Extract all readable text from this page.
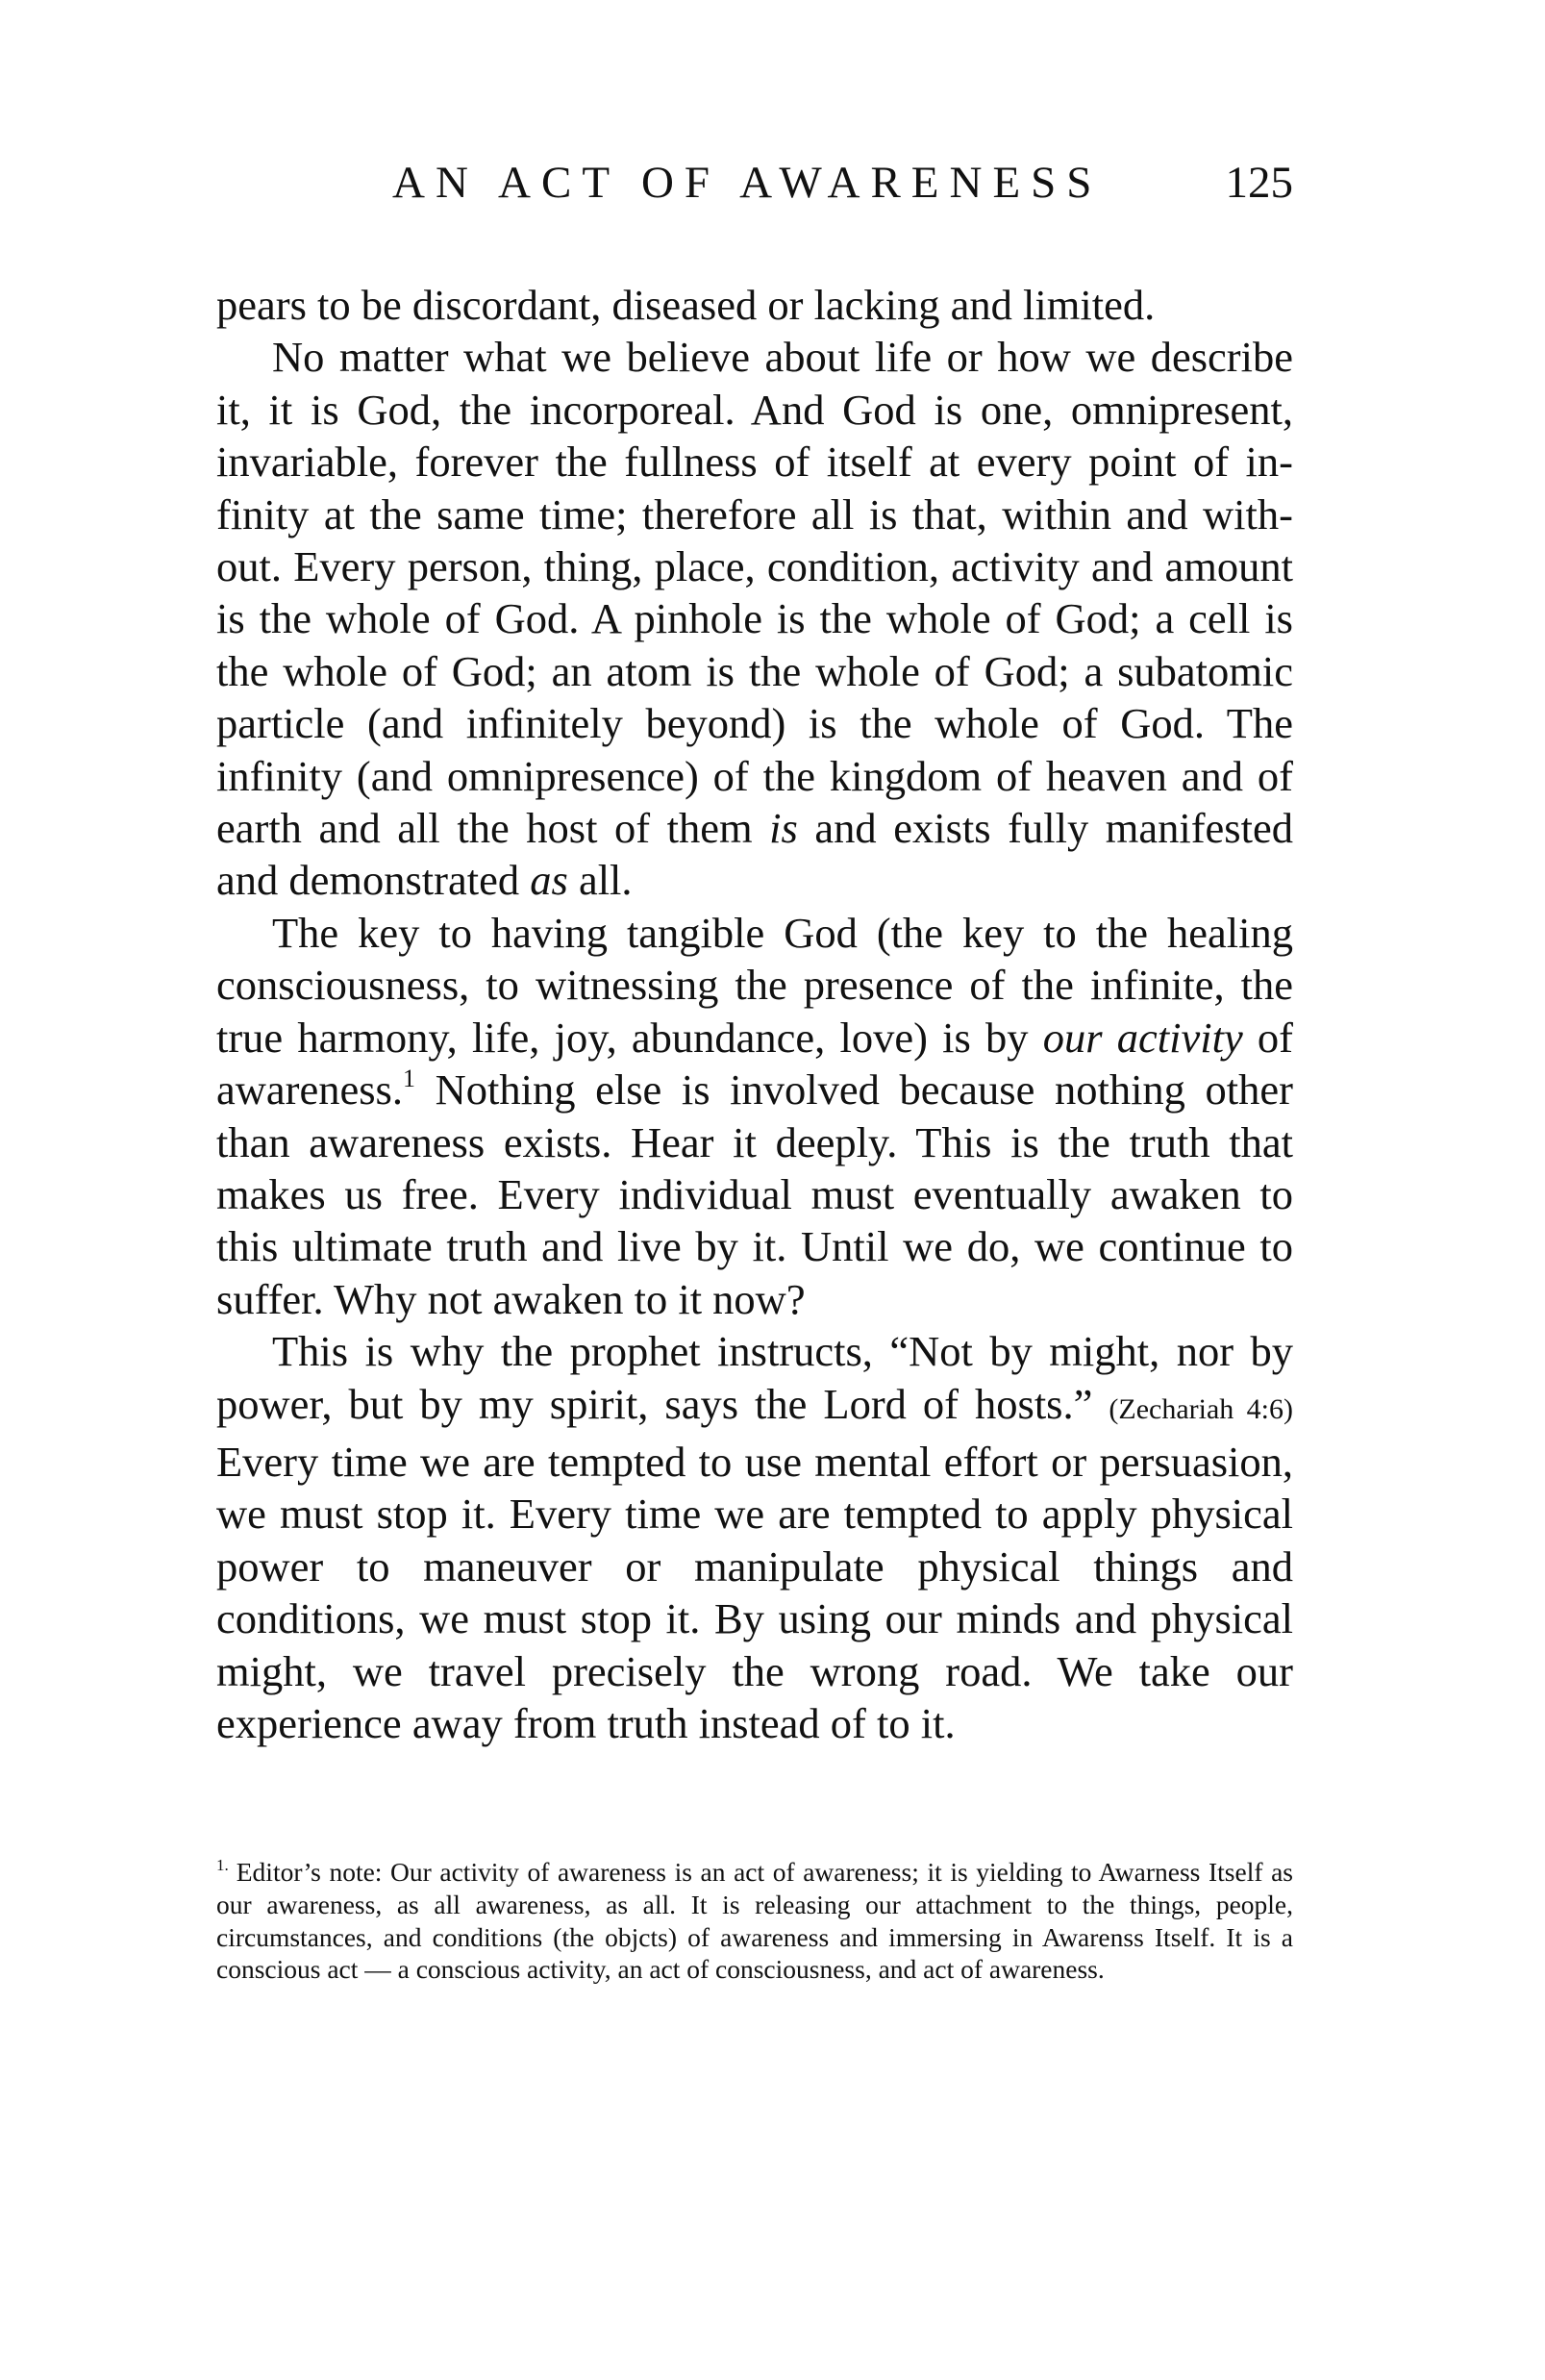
AN ACT OF AWARENESS	125

pears to be discordant, diseased or lacking and limited.

No matter what we believe about life or how we describe it, it is God, the incorporeal. And God is one, omnipresent, invariable, forever the fullness of itself at every point of infinity at the same time; therefore all is that, within and without. Every person, thing, place, condition, activity and amount is the whole of God. A pinhole is the whole of God; a cell is the whole of God; an atom is the whole of God; a subatomic particle (and infinitely beyond) is the whole of God. The infinity (and omnipresence) of the kingdom of heaven and of earth and all the host of them is and exists fully manifested and demonstrated as all.

The key to having tangible God (the key to the healing consciousness, to witnessing the presence of the infinite, the true harmony, life, joy, abundance, love) is by our activity of awareness.$^1$ Nothing else is involved because nothing other than awareness exists. Hear it deeply. This is the truth that makes us free. Every individual must eventually awaken to this ultimate truth and live by it. Until we do, we continue to suffer. Why not awaken to it now?

This is why the prophet instructs, “Not by might, nor by power, but by my spirit, says the Lord of hosts.” (Zechariah 4:6) Every time we are tempted to use mental effort or persuasion, we must stop it. Every time we are tempted to apply physical power to maneuver or manipulate physical things and conditions, we must stop it. By using our minds and physical might, we travel precisely the wrong road. We take our experience away from truth instead of to it.

$^{1.}$ Editor’s note: Our activity of awareness is an act of awareness; it is yielding to Awarness Itself as our awareness, as all awareness, as all. It is releasing our attachment to the things, people, circumstances, and conditions (the objcts) of awareness and immersing in Awarenss Itself. It is a conscious act — a conscious activity, an act of consciousness, and act of awareness.
